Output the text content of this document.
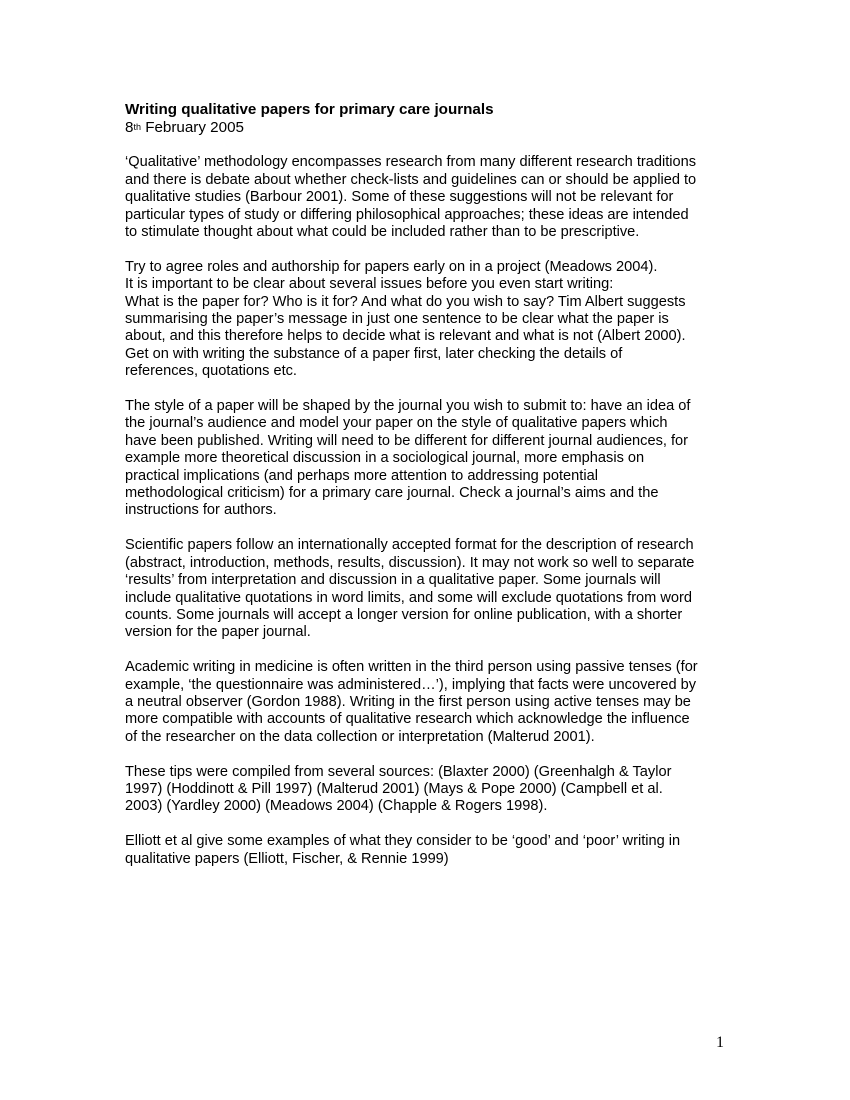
Writing qualitative papers for primary care journals

8th February 2005

‘Qualitative’ methodology encompasses research from many different research traditions
and there is debate about whether check-lists and guidelines can or should be applied to
qualitative studies (Barbour 2001). Some of these suggestions will not be relevant for
particular types of study or differing philosophical approaches; these ideas are intended
to stimulate thought about what could be included rather than to be prescriptive.

Try to agree roles and authorship for papers early on in a project (Meadows 2004).
It is important to be clear about several issues before you even start writing:
What is the paper for? Who is it for? And what do you wish to say? Tim Albert suggests
summarising the paper’s message in just one sentence to be clear what the paper is
about, and this therefore helps to decide what is relevant and what is not (Albert 2000).
Get on with writing the substance of a paper first, later checking the details of
references, quotations etc.

The style of a paper will be shaped by the journal you wish to submit to: have an idea of
the journal’s audience and model your paper on the style of qualitative papers which
have been published. Writing will need to be different for different journal audiences, for
example more theoretical discussion in a sociological journal, more emphasis on
practical implications (and perhaps more attention to addressing potential
methodological criticism) for a primary care journal. Check a journal’s aims and the
instructions for authors.

Scientific papers follow an internationally accepted format for the description of research
(abstract, introduction, methods, results, discussion). It may not work so well to separate
‘results’ from interpretation and discussion in a qualitative paper. Some journals will
include qualitative quotations in word limits, and some will exclude quotations from word
counts. Some journals will accept a longer version for online publication, with a shorter
version for the paper journal.

Academic writing in medicine is often written in the third person using passive tenses (for
example, ‘the questionnaire was administered…’), implying that facts were uncovered by
a neutral observer (Gordon 1988). Writing in the first person using active tenses may be
more compatible with accounts of qualitative research which acknowledge the influence
of the researcher on the data collection or interpretation (Malterud 2001).

These tips were compiled from several sources: (Blaxter 2000) (Greenhalgh & Taylor
1997) (Hoddinott & Pill 1997) (Malterud 2001) (Mays & Pope 2000) (Campbell et al.
2003) (Yardley 2000) (Meadows 2004) (Chapple & Rogers 1998).

Elliott et al give some examples of what they consider to be ‘good’ and ‘poor’ writing in
qualitative papers (Elliott, Fischer, & Rennie 1999)

1
